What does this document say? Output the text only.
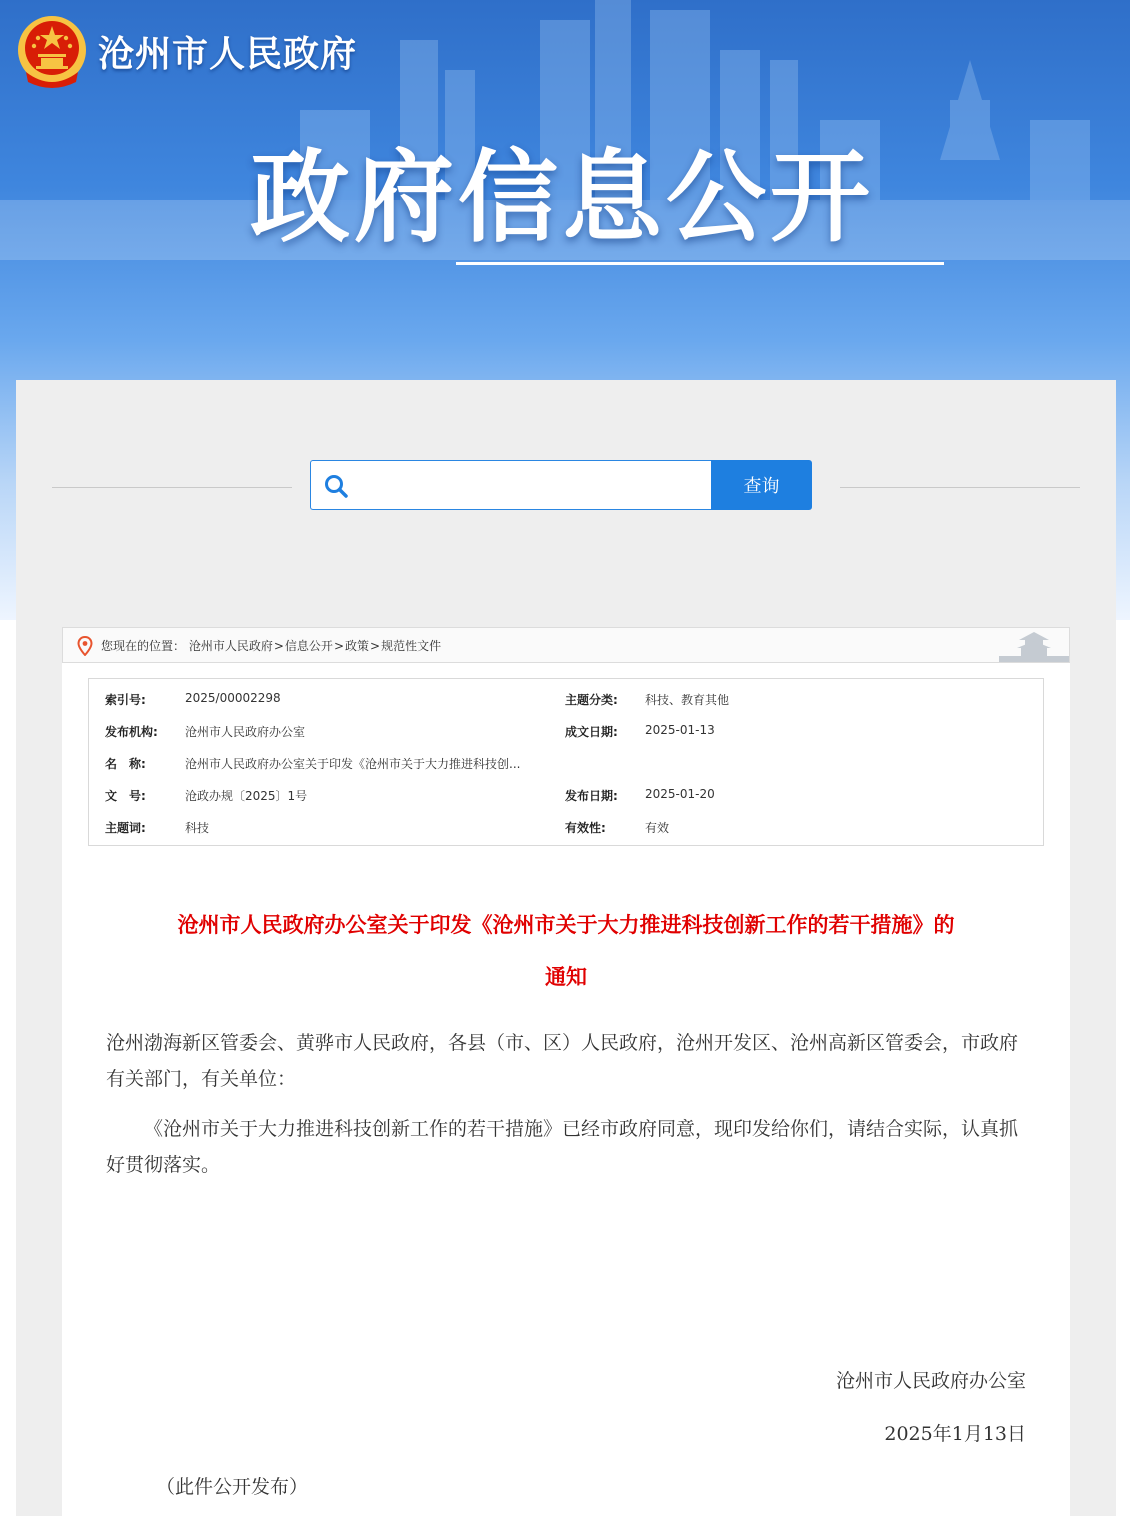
沧州市人民政府
政府信息公开
查询
您现在的位置： 沧州市人民政府>信息公开>政策>规范性文件
索引号:	2025/00002298	主题分类: 科技、教育其他
发布机构: 沧州市人民政府办公室	成文日期: 2025-01-13
名　称:	沧州市人民政府办公室关于印发《沧州市关于大力推进科技创...
文　号:	沧政办规〔2025〕1号	发布日期: 2025-01-20
主题词:	科技	有效性:	有效
沧州市人民政府办公室关于印发《沧州市关于大力推进科技创新工作的若干措施》的
通知

沧州渤海新区管委会、黄骅市人民政府，各县（市、区）人民政府，沧州开发区、沧州高新区管委会，市政府有关部门，有关单位：

《沧州市关于大力推进科技创新工作的若干措施》已经市政府同意，现印发给你们，请结合实际，认真抓好贯彻落实。

沧州市人民政府办公室
2025年1月13日
（此件公开发布）
